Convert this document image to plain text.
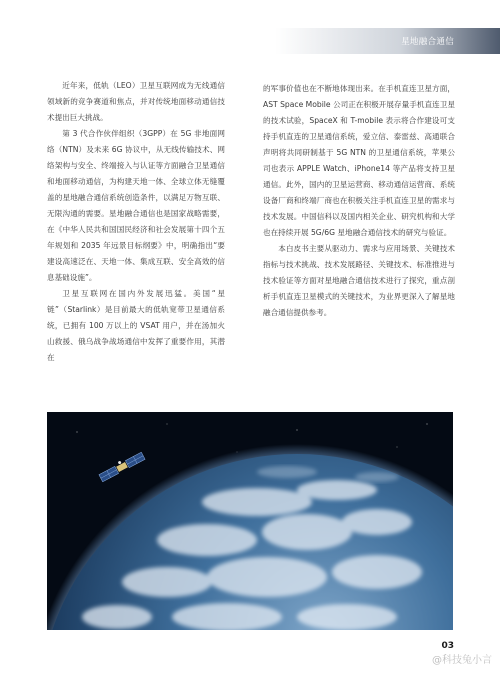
星地融合通信

近年来，低轨（LEO）卫星互联网成为无线通信领域新的竞争赛道和焦点，并对传统地面移动通信技术提出巨大挑战。

第 3 代合作伙伴组织（3GPP）在 5G 非地面网络（NTN）及未来 6G 协议中，从无线传输技术、网络架构与安全、终端接入与认证等方面融合卫星通信和地面移动通信，为构建天地一体、全球立体无缝覆盖的星地融合通信系统创造条件，以满足万物互联、无限沟通的需要。星地融合通信也是国家战略需要，在《中华人民共和国国民经济和社会发展第十四个五年规划和 2035 年远景目标纲要》中，明确指出“要建设高速泛在、天地一体、集成互联、安全高效的信息基础设施”。

卫星互联网在国内外发展迅猛。美国“星链”（Starlink）是目前最大的低轨宽带卫星通信系统，已拥有 100 万以上的 VSAT 用户，并在汤加火山救援、俄乌战争战场通信中发挥了重要作用，其潜在

的军事价值也在不断地体现出来。在手机直连卫星方面，AST Space Mobile 公司正在积极开展存量手机直连卫星的技术试验，SpaceX 和 T-mobile 表示将合作建设可支持手机直连的卫星通信系统，爱立信、泰雷兹、高通联合声明将共同研制基于 5G NTN 的卫星通信系统，苹果公司也表示 APPLE Watch、iPhone14 等产品将支持卫星通信。此外，国内的卫星运营商、移动通信运营商、系统设备厂商和终端厂商也在积极关注手机直连卫星的需求与技术发展。中国信科以及国内相关企业、研究机构和大学也在持续开展 5G/6G 星地融合通信技术的研究与验证。

本白皮书主要从驱动力、需求与应用场景、关键技术指标与技术挑战、技术发展路径、关键技术、标准推进与技术验证等方面对星地融合通信技术进行了探究，重点剖析手机直连卫星模式的关键技术，为业界更深入了解星地融合通信提供参考。

03
@科技兔小言
